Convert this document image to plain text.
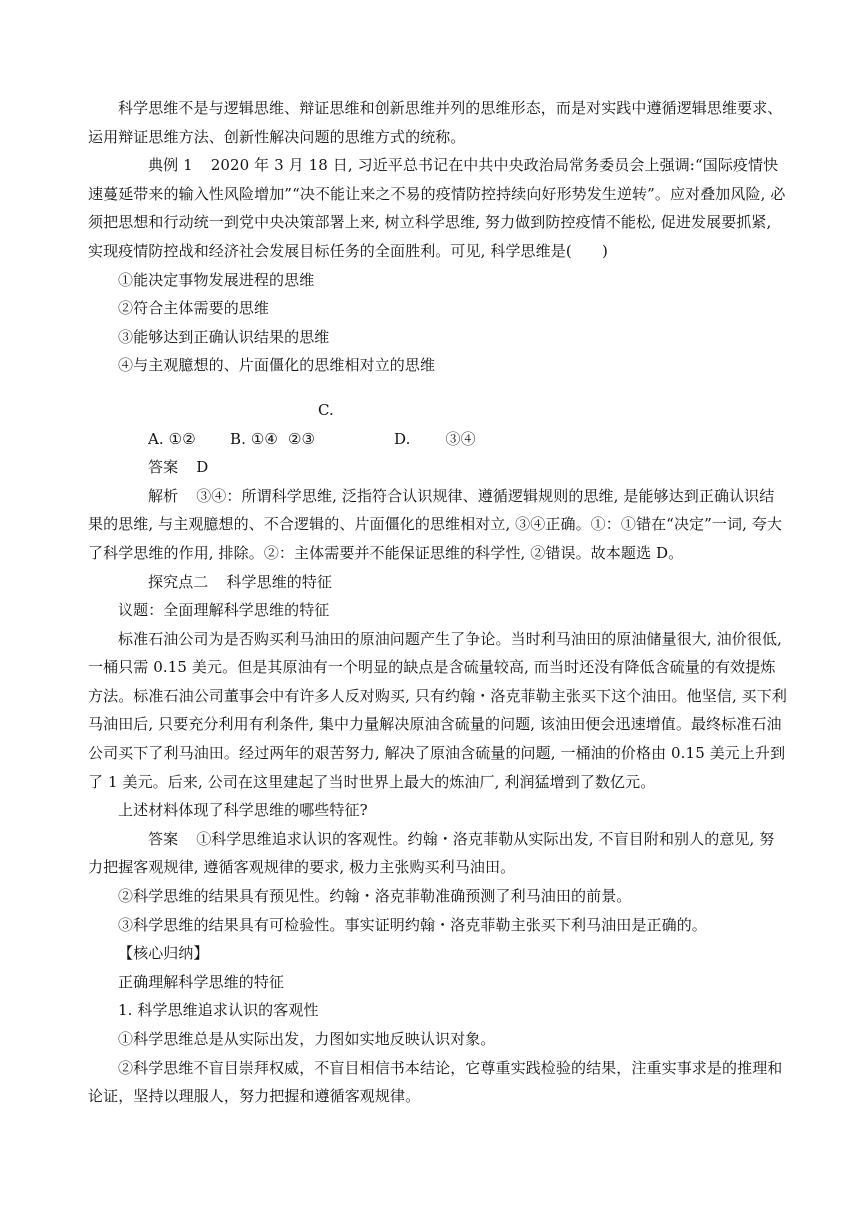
科学思维不是与逻辑思维、辩证思维和创新思维并列的思维形态，而是对实践中遵循逻辑思维要求、运用辩证思维方法、创新性解决问题的思维方式的统称。

典例 1 2020 年 3 月 18 日, 习近平总书记在中共中央政治局常务委员会上强调:“国际疫情快速蔓延带来的输入性风险增加”“决不能让来之不易的疫情防控持续向好形势发生逆转”。应对叠加风险, 必须把思想和行动统一到党中央决策部署上来, 树立科学思维, 努力做到防控疫情不能松, 促进发展要抓紧, 实现疫情防控战和经济社会发展目标任务的全面胜利。可见, 科学思维是(　　)

①能决定事物发展进程的思维

②符合主体需要的思维

③能够达到正确认识结果的思维

④与主观臆想的、片面僵化的思维相对立的思维

A. ①② B. ①④C. ②③	D. 　　③④

答案 D

解析 ③④：所谓科学思维, 泛指符合认识规律、遵循逻辑规则的思维, 是能够达到正确认识结果的思维, 与主观臆想的、不合逻辑的、片面僵化的思维相对立, ③④正确。①：①错在“决定”一词, 夸大了科学思维的作用, 排除。②：主体需要并不能保证思维的科学性, ②错误。故本题选 D。

探究点二 科学思维的特征

议题：全面理解科学思维的特征

标准石油公司为是否购买利马油田的原油问题产生了争论。当时利马油田的原油储量很大, 油价很低, 一桶只需 0.15 美元。但是其原油有一个明显的缺点是含硫量较高, 而当时还没有降低含硫量的有效提炼方法。标准石油公司董事会中有许多人反对购买, 只有约翰・洛克菲勒主张买下这个油田。他坚信, 买下利马油田后, 只要充分利用有利条件, 集中力量解决原油含硫量的问题, 该油田便会迅速增值。最终标准石油公司买下了利马油田。经过两年的艰苦努力, 解决了原油含硫量的问题, 一桶油的价格由 0.15 美元上升到了 1 美元。后来, 公司在这里建起了当时世界上最大的炼油厂, 利润猛增到了数亿元。

上述材料体现了科学思维的哪些特征?

答案 ①科学思维追求认识的客观性。约翰・洛克菲勒从实际出发, 不盲目附和别人的意见, 努力把握客观规律, 遵循客观规律的要求, 极力主张购买利马油田。

②科学思维的结果具有预见性。约翰・洛克菲勒准确预测了利马油田的前景。

③科学思维的结果具有可检验性。事实证明约翰・洛克菲勒主张买下利马油田是正确的。

【核心归纳】

正确理解科学思维的特征

1. 科学思维追求认识的客观性

①科学思维总是从实际出发，力图如实地反映认识对象。

②科学思维不盲目崇拜权威，不盲目相信书本结论，它尊重实践检验的结果，注重实事求是的推理和论证，坚持以理服人，努力把握和遵循客观规律。
